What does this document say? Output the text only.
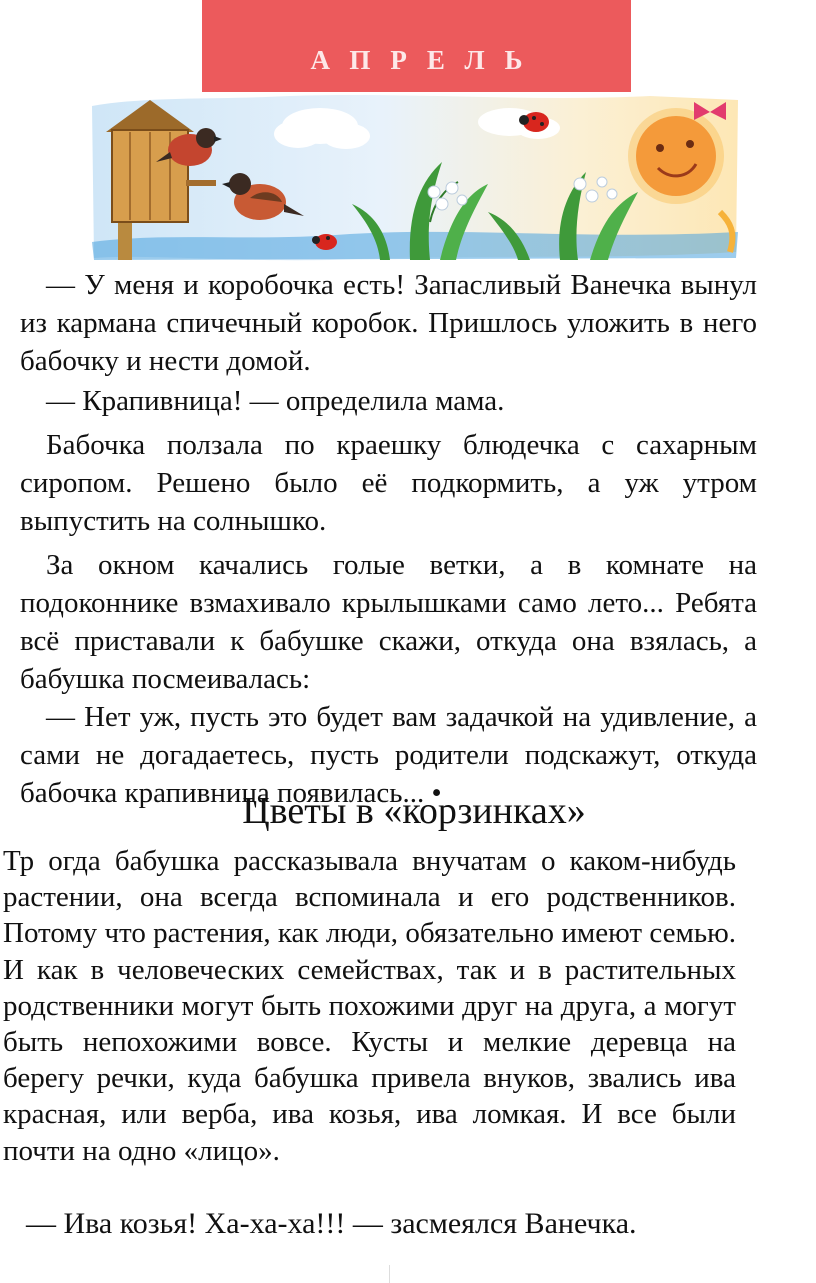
АПРЕЛЬ

— У меня и коробочка есть! Запасливый Ванечка вынул из кармана спичечный коробок. Пришлось уложить в него бабочку и нести домой.

— Крапивница! — определила мама.

Бабочка ползала по краешку блюдечка с сахарным сиропом. Решено было её подкормить, а уж утром выпустить на солнышко.

За окном качались голые ветки, а в комнате на подоконнике взмахивало крылышками само лето... Ребята всё приставали к бабушке скажи, откуда она взялась, а бабушка посмеивалась:

— Нет уж, пусть это будет вам задачкой на удивление, а сами не догадаетесь, пусть родители подскажут, откуда бабочка крапивница появилась... •

Цветы в «корзинках»

Тр огда бабушка рассказывала внучатам о каком-нибудь растении, она всегда вспоминала и его родственников. Потому что растения, как люди, обязательно имеют семью. И как в человеческих семействах, так и в растительных родственники могут быть похожими друг на друга, а могут быть непохожими вовсе. Кусты и мелкие деревца на берегу речки, куда бабушка привела внуков, звались ива красная, или верба, ива козья, ива ломкая. И все были почти на одно «лицо».

— Ива козья! Ха-ха-ха!!! — засмеялся Ванечка.
